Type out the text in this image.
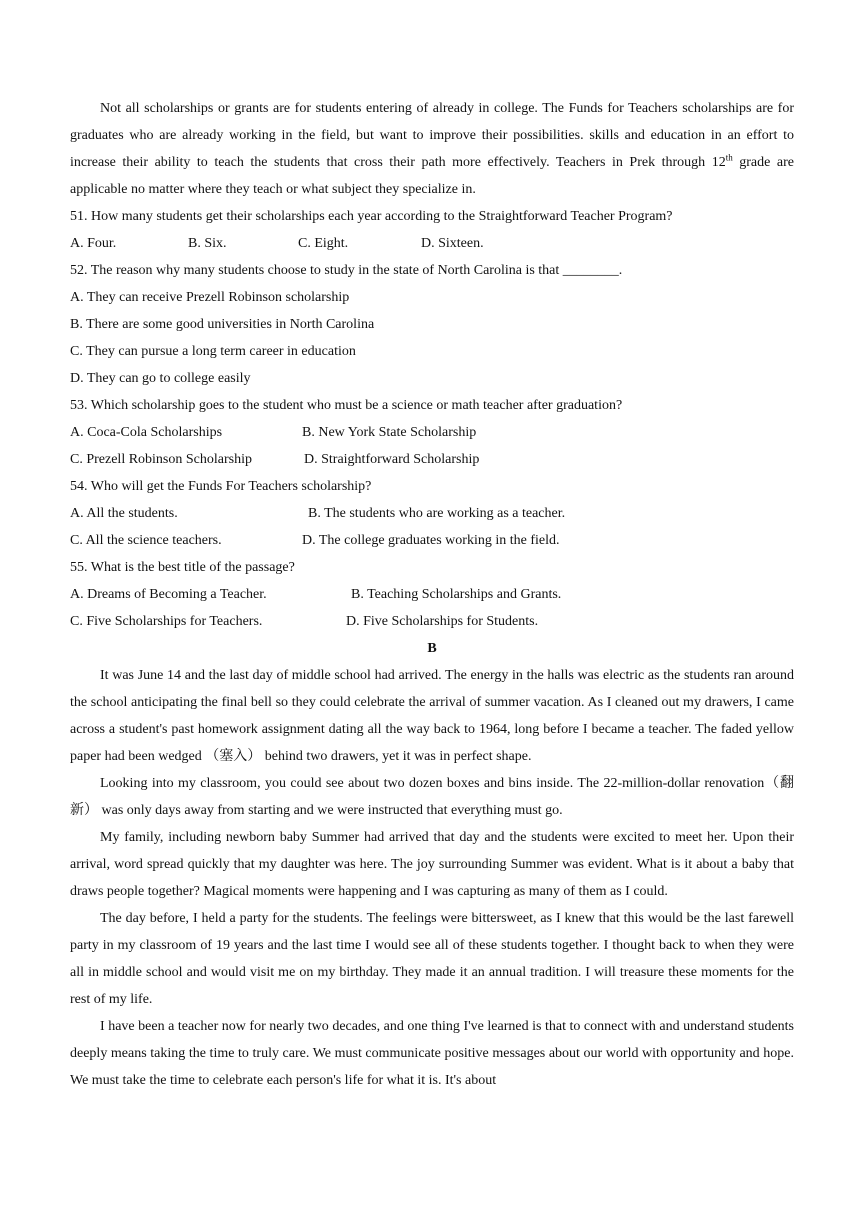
Not all scholarships or grants are for students entering of already in college. The Funds for Teachers scholarships are for graduates who are already working in the field, but want to improve their possibilities. skills and education in an effort to increase their ability to teach the students that cross their path more effectively. Teachers in Prek through 12th grade are applicable no matter where they teach or what subject they specialize in.

51. How many students get their scholarships each year according to the Straightforward Teacher Program?

A. Four.	B. Six.	C. Eight.	D. Sixteen.

52. The reason why many students choose to study in the state of North Carolina is that ________.

A. They can receive Prezell Robinson scholarship

B. There are some good universities in North Carolina

C. They can pursue a long term career in education

D. They can go to college easily

53. Which scholarship goes to the student who must be a science or math teacher after graduation?

A. Coca-Cola Scholarships	B. New York State Scholarship
C. Prezell Robinson Scholarship	D. Straightforward Scholarship

54. Who will get the Funds For Teachers scholarship?

A. All the students.	B. The students who are working as a teacher.
C. All the science teachers.	D. The college graduates working in the field.

55. What is the best title of the passage?

A. Dreams of Becoming a Teacher.	B. Teaching Scholarships and Grants.
C. Five Scholarships for Teachers.	D. Five Scholarships for Students.

B

It was June 14 and the last day of middle school had arrived. The energy in the halls was electric as the students ran around the school anticipating the final bell so they could celebrate the arrival of summer vacation. As I cleaned out my drawers, I came across a student's past homework assignment dating all the way back to 1964, long before I became a teacher. The faded yellow paper had been wedged （塞入） behind two drawers, yet it was in perfect shape.

Looking into my classroom, you could see about two dozen boxes and bins inside. The 22-million-dollar renovation（翻新） was only days away from starting and we were instructed that everything must go.

My family, including newborn baby Summer had arrived that day and the students were excited to meet her. Upon their arrival, word spread quickly that my daughter was here. The joy surrounding Summer was evident. What is it about a baby that draws people together? Magical moments were happening and I was capturing as many of them as I could.

The day before, I held a party for the students. The feelings were bittersweet, as I knew that this would be the last farewell party in my classroom of 19 years and the last time I would see all of these students together. I thought back to when they were all in middle school and would visit me on my birthday. They made it an annual tradition. I will treasure these moments for the rest of my life.

I have been a teacher now for nearly two decades, and one thing I've learned is that to connect with and understand students deeply means taking the time to truly care. We must communicate positive messages about our world with opportunity and hope. We must take the time to celebrate each person's life for what it is. It's about
